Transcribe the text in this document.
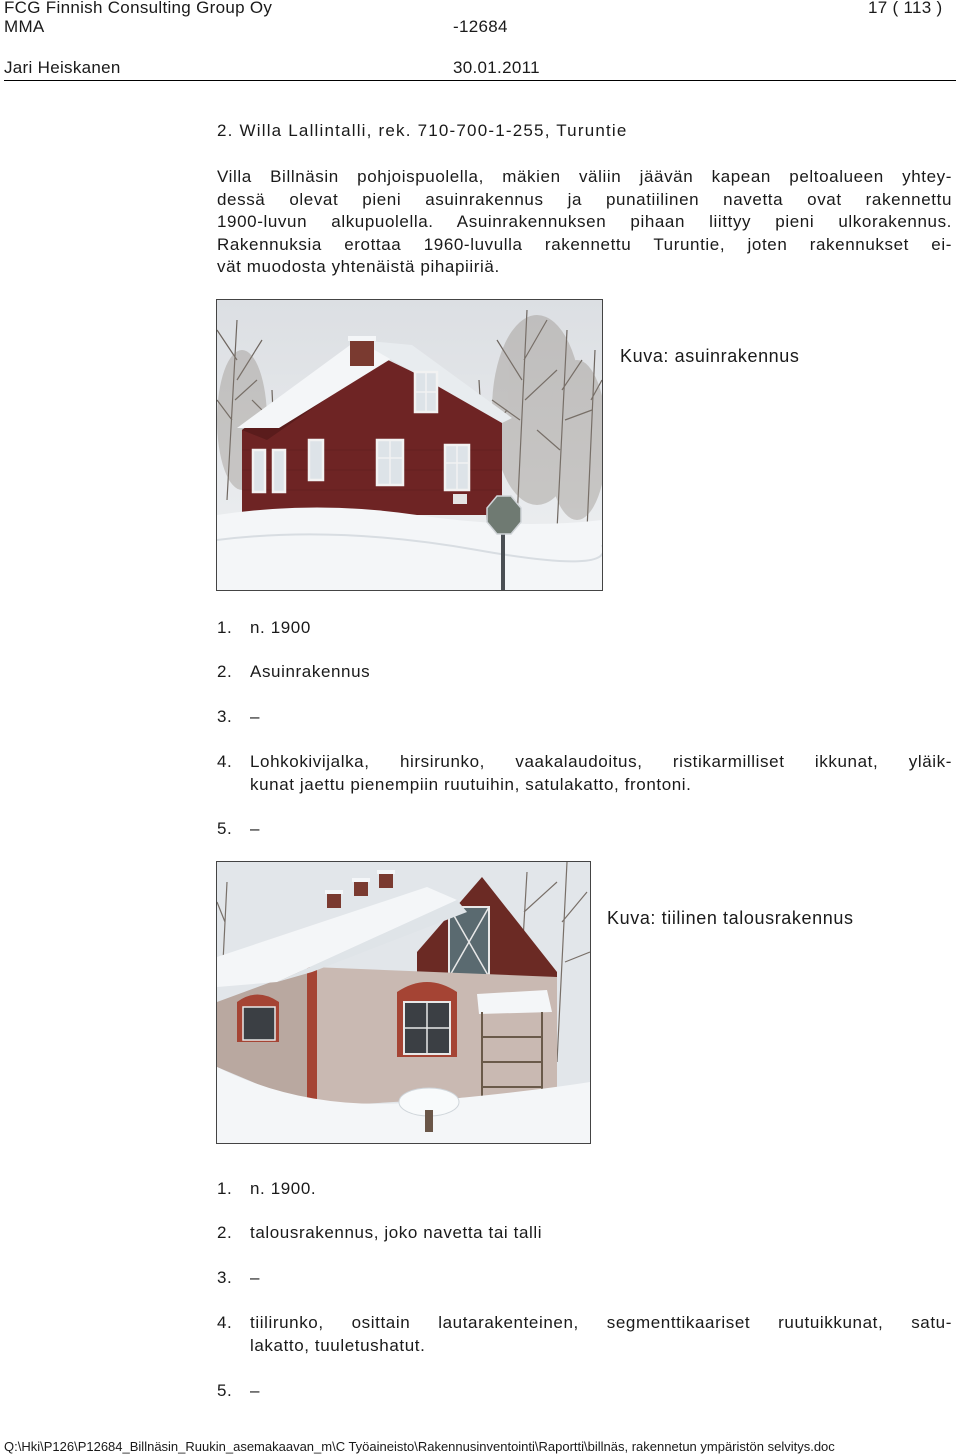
FCG Finnish Consulting Group Oy	17 ( 113 )
MMA	-12684
Jari Heiskanen	30.01.2011
2. Willa Lallintalli, rek. 710-700-1-255, Turuntie
Villa Billnäsin pohjoispuolella, mäkien väliin jäävän kapean peltoalueen yhtey-
dessä olevat pieni asuinrakennus ja punatiilinen navetta ovat rakennettu
1900-luvun alkupuolella. Asuinrakennuksen pihaan liittyy pieni ulkorakennus.
Rakennuksia erottaa 1960-luvulla rakennettu Turuntie, joten rakennukset ei-
vät muodosta yhtenäistä pihapiiriä.
Kuva: asuinrakennus
1. n. 1900
2. Asuinrakennus
3. –
4. Lohkokivijalka, hirsirunko, vaakalaudoitus, ristikarmilliset ikkunat, yläik-
kunat jaettu pienempiin ruutuihin, satulakatto, frontoni.
5. –
Kuva: tiilinen talousrakennus
1. n. 1900.
2. talousrakennus, joko navetta tai talli
3. –
4. tiilirunko, osittain lautarakenteinen, segmenttikaariset ruutuikkunat, satu-
lakatto, tuuletushatut.
5. –
Q:\Hki\P126\P12684_Billnäsin_Ruukin_asemakaavan_m\C Työaineisto\Rakennusinventointi\Raportti\billnäs, rakennetun ympäristön selvitys.doc
